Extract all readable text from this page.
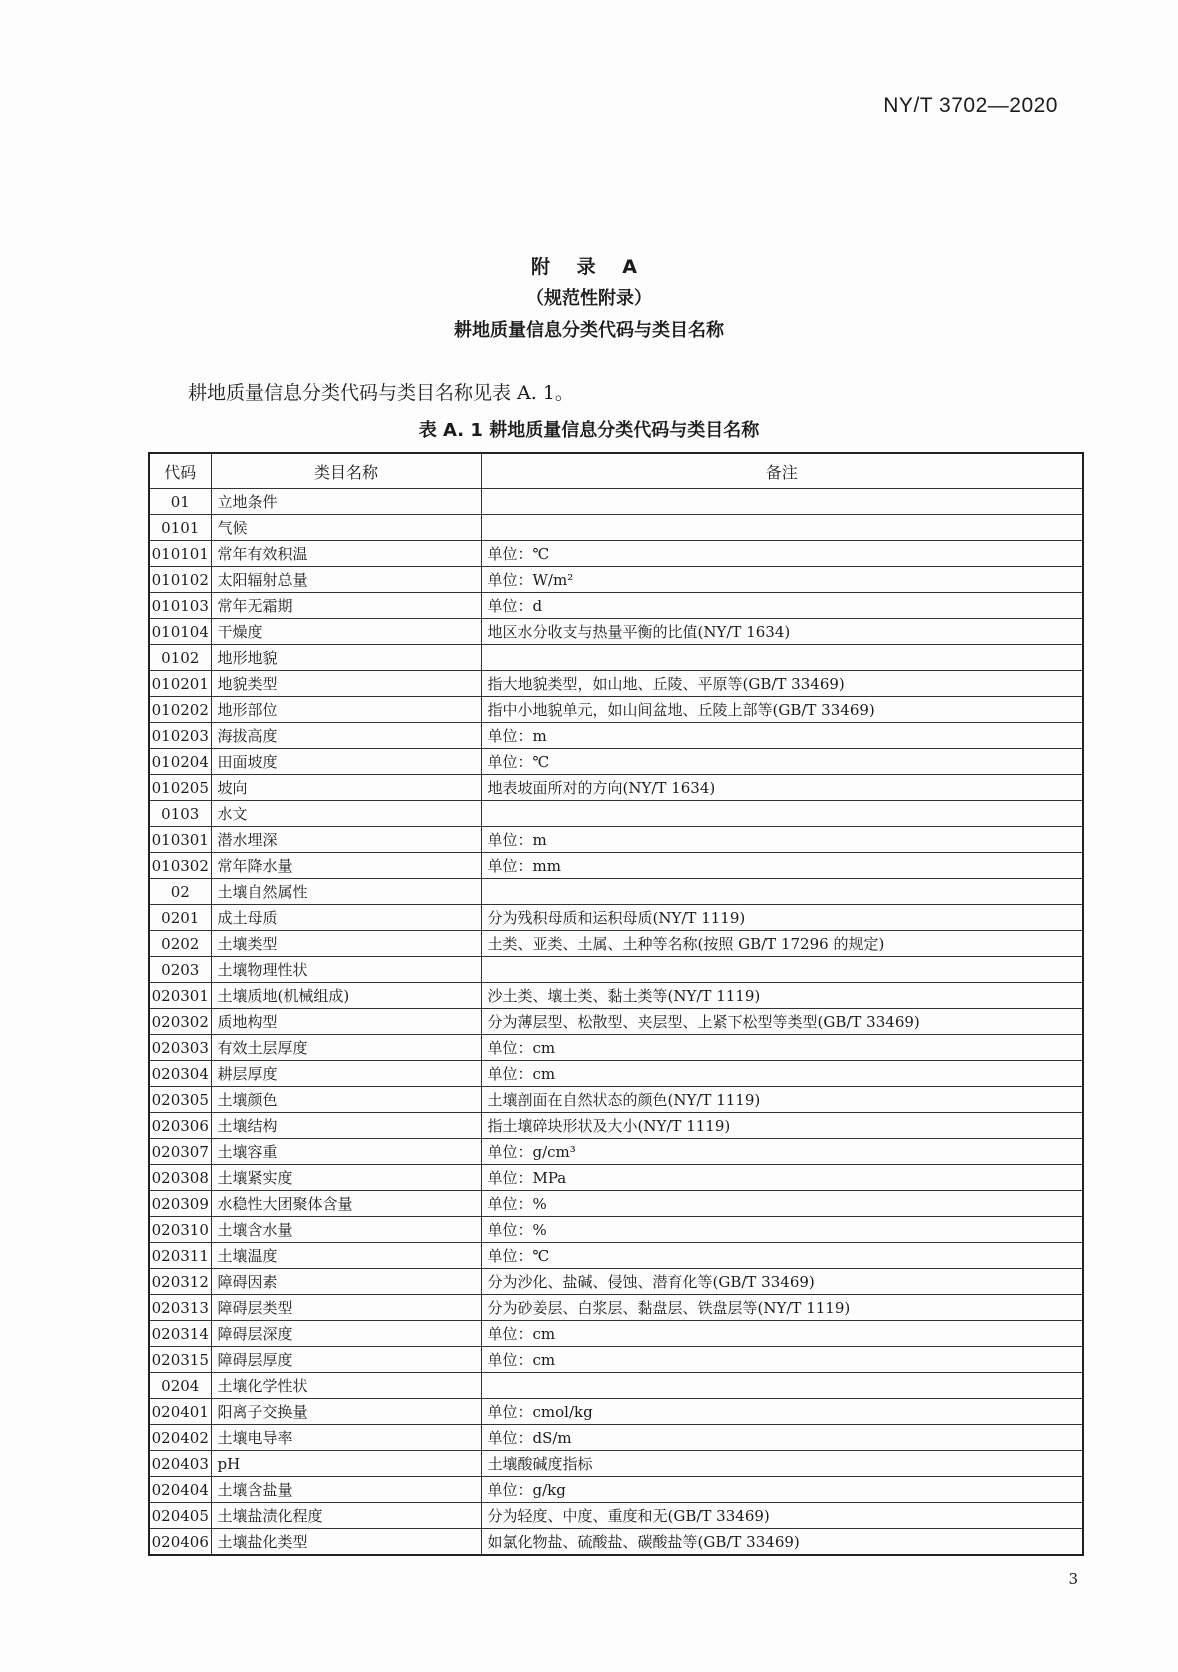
NY/T 3702—2020
附 录 A
（规范性附录）
耕地质量信息分类代码与类目名称
耕地质量信息分类代码与类目名称见表 A. 1。
表 A. 1 耕地质量信息分类代码与类目名称
代码	类目名称	备注
01	立地条件	
0101	气候	
010101	常年有效积温	单位：℃
010102	太阳辐射总量	单位：W/m²
010103	常年无霜期	单位：d
010104	干燥度	地区水分收支与热量平衡的比值(NY/T 1634)
0102	地形地貌	
010201	地貌类型	指大地貌类型，如山地、丘陵、平原等(GB/T 33469)
010202	地形部位	指中小地貌单元，如山间盆地、丘陵上部等(GB/T 33469)
010203	海拔高度	单位：m
010204	田面坡度	单位：℃
010205	坡向	地表坡面所对的方向(NY/T 1634)
0103	水文	
010301	潜水埋深	单位：m
010302	常年降水量	单位：mm
02	土壤自然属性	
0201	成土母质	分为残积母质和运积母质(NY/T 1119)
0202	土壤类型	土类、亚类、土属、土种等名称(按照 GB/T 17296 的规定)
0203	土壤物理性状	
020301	土壤质地(机械组成)	沙土类、壤土类、黏土类等(NY/T 1119)
020302	质地构型	分为薄层型、松散型、夹层型、上紧下松型等类型(GB/T 33469)
020303	有效土层厚度	单位：cm
020304	耕层厚度	单位：cm
020305	土壤颜色	土壤剖面在自然状态的颜色(NY/T 1119)
020306	土壤结构	指土壤碎块形状及大小(NY/T 1119)
020307	土壤容重	单位：g/cm³
020308	土壤紧实度	单位：MPa
020309	水稳性大团聚体含量	单位：%
020310	土壤含水量	单位：%
020311	土壤温度	单位：℃
020312	障碍因素	分为沙化、盐碱、侵蚀、潜育化等(GB/T 33469)
020313	障碍层类型	分为砂姜层、白浆层、黏盘层、铁盘层等(NY/T 1119)
020314	障碍层深度	单位：cm
020315	障碍层厚度	单位：cm
0204	土壤化学性状	
020401	阳离子交换量	单位：cmol/kg
020402	土壤电导率	单位：dS/m
020403	pH	土壤酸碱度指标
020404	土壤含盐量	单位：g/kg
020405	土壤盐渍化程度	分为轻度、中度、重度和无(GB/T 33469)
020406	土壤盐化类型	如氯化物盐、硫酸盐、碳酸盐等(GB/T 33469)
3
